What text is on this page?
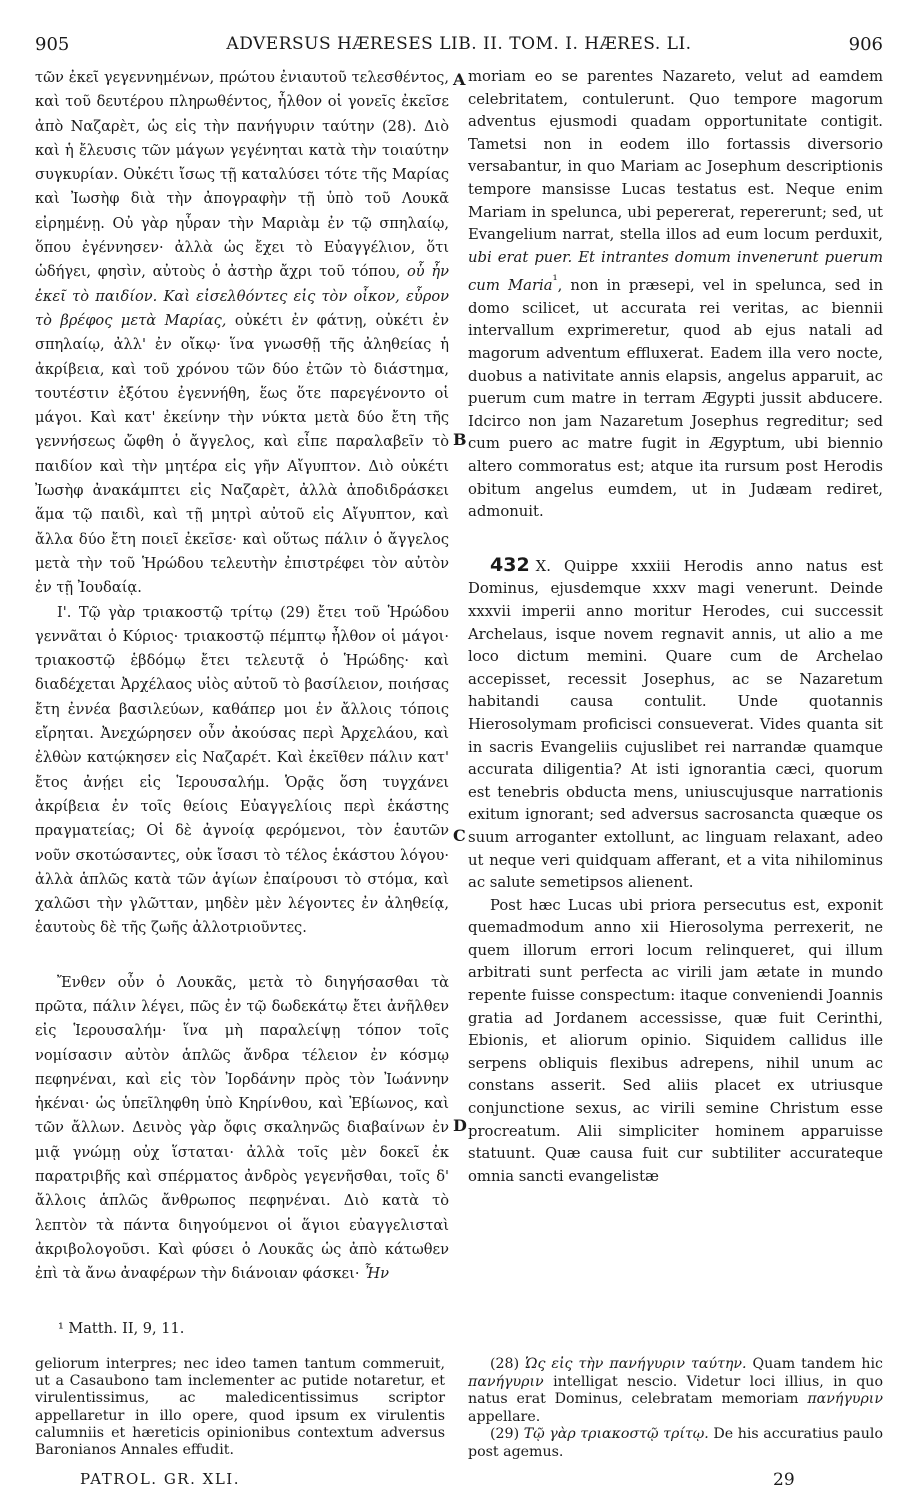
905	ADVERSUS HÆRESES LIB. II. TOM. I. HÆRES. LI.	906
A
B
C
D

τῶν ἐκεῖ γεγεννημένων, πρώτου ἐνιαυτοῦ τελεσθέντος, καὶ τοῦ δευτέρου πληρωθέντος, ἦλθον οἱ γονεῖς ἐκεῖσε ἀπὸ Ναζαρὲτ, ὡς εἰς τὴν πανήγυριν ταύτην (28). Διὸ καὶ ἡ ἔλευσις τῶν μάγων γεγένηται κατὰ τὴν τοιαύτην συγκυρίαν. Οὐκέτι ἴσως τῇ καταλύσει τότε τῆς Μαρίας καὶ Ἰωσὴφ διὰ τὴν ἀπογραφὴν τῇ ὑπὸ τοῦ Λουκᾶ εἰρημένῃ. Οὐ γὰρ ηὗραν τὴν Μαριὰμ ἐν τῷ σπηλαίῳ, ὅπου ἐγέννησεν· ἀλλὰ ὡς ἔχει τὸ Εὐαγγέλιον, ὅτι ὡδήγει, φησὶν, αὐτοὺς ὁ ἀστὴρ ἄχρι τοῦ τόπου, οὗ ἦν ἐκεῖ τὸ παιδίον. Καὶ εἰσελθόντες εἰς τὸν οἶκον, εὗρον τὸ βρέφος μετὰ Μαρίας, οὐκέτι ἐν φάτνῃ, οὐκέτι ἐν σπηλαίῳ, ἀλλ' ἐν οἴκῳ· ἵνα γνωσθῇ τῆς ἀληθείας ἡ ἀκρίβεια, καὶ τοῦ χρόνου τῶν δύο ἐτῶν τὸ διάστημα, τουτέστιν ἐξότου ἐγεννήθη, ἕως ὅτε παρεγένοντο οἱ μάγοι. Καὶ κατ' ἐκείνην τὴν νύκτα μετὰ δύο ἔτη τῆς γεννήσεως ὤφθη ὁ ἄγγελος, καὶ εἶπε παραλαβεῖν τὸ παιδίον καὶ τὴν μητέρα εἰς γῆν Αἴγυπτον. Διὸ οὐκέτι Ἰωσὴφ ἀνακάμπτει εἰς Ναζαρὲτ, ἀλλὰ ἀποδιδράσκει ἅμα τῷ παιδὶ, καὶ τῇ μητρὶ αὐτοῦ εἰς Αἴγυπτον, καὶ ἄλλα δύο ἔτη ποιεῖ ἐκεῖσε· καὶ οὕτως πάλιν ὁ ἄγγελος μετὰ τὴν τοῦ Ἡρώδου τελευτὴν ἐπιστρέφει τὸν αὐτὸν ἐν τῇ Ἰουδαίᾳ.

Ι'. Τῷ γὰρ τριακοστῷ τρίτῳ (29) ἔτει τοῦ Ἡρώδου γεννᾶται ὁ Κύριος· τριακοστῷ πέμπτῳ ἦλθον οἱ μάγοι· τριακοστῷ ἑβδόμῳ ἔτει τελευτᾷ ὁ Ἡρώδης· καὶ διαδέχεται Ἀρχέλαος υἱὸς αὐτοῦ τὸ βασίλειον, ποιήσας ἔτη ἐννέα βασιλεύων, καθάπερ μοι ἐν ἄλλοις τόποις εἴρηται. Ἀνεχώρησεν οὖν ἀκούσας περὶ Ἀρχελάου, καὶ ἐλθὼν κατῴκησεν εἰς Ναζαρέτ. Καὶ ἐκεῖθεν πάλιν κατ' ἔτος ἀνῄει εἰς Ἱερουσαλήμ. Ὁρᾷς ὅση τυγχάνει ἀκρίβεια ἐν τοῖς θείοις Εὐαγγελίοις περὶ ἑκάστης πραγματείας; Οἱ δὲ ἀγνοίᾳ φερόμενοι, τὸν ἑαυτῶν νοῦν σκοτώσαντες, οὐκ ἴσασι τὸ τέλος ἑκάστου λόγου· ἀλλὰ ἁπλῶς κατὰ τῶν ἁγίων ἐπαίρουσι τὸ στόμα, καὶ χαλῶσι τὴν γλῶτταν, μηδὲν μὲν λέγοντες ἐν ἀληθείᾳ, ἑαυτοὺς δὲ τῆς ζωῆς ἀλλοτριοῦντες.

Ἔνθεν οὖν ὁ Λουκᾶς, μετὰ τὸ διηγήσασθαι τὰ πρῶτα, πάλιν λέγει, πῶς ἐν τῷ δωδεκάτῳ ἔτει ἀνῆλθεν εἰς Ἱερουσαλήμ· ἵνα μὴ παραλείψῃ τόπον τοῖς νομίσασιν αὐτὸν ἁπλῶς ἄνδρα τέλειον ἐν κόσμῳ πεφηνέναι, καὶ εἰς τὸν Ἰορδάνην πρὸς τὸν Ἰωάννην ἡκέναι· ὡς ὑπεῖληφθη ὑπὸ Κηρίνθου, καὶ Ἐβίωνος, καὶ τῶν ἄλλων. Δεινὸς γὰρ ὄφις σκαληνῶς διαβαίνων ἐν μιᾷ γνώμῃ οὐχ ἵσταται· ἀλλὰ τοῖς μὲν δοκεῖ ἐκ παρατριβῆς καὶ σπέρματος ἀνδρὸς γεγενῆσθαι, τοῖς δ' ἄλλοις ἁπλῶς ἄνθρωπος πεφηνέναι. Διὸ κατὰ τὸ λεπτὸν τὰ πάντα διηγούμενοι οἱ ἅγιοι εὐαγγελισταὶ ἀκριβολογοῦσι. Καὶ φύσει ὁ Λουκᾶς ὡς ἀπὸ κάτωθεν ἐπὶ τὰ ἄνω ἀναφέρων τὴν διάνοιαν φάσκει· Ἦν

moriam eo se parentes Nazareto, velut ad eamdem celebritatem, contulerunt. Quo tempore magorum adventus ejusmodi quadam opportunitate contigit. Tametsi non in eodem illo fortassis diversorio versabantur, in quo Mariam ac Josephum descriptionis tempore mansisse Lucas testatus est. Neque enim Mariam in spelunca, ubi pepererat, repererunt; sed, ut Evangelium narrat, stella illos ad eum locum perduxit, ubi erat puer. Et intrantes domum invenerunt puerum cum Maria$^{^1}$, non in præsepi, vel in spelunca, sed in domo scilicet, ut accurata rei veritas, ac biennii intervallum exprimeretur, quod ab ejus natali ad magorum adventum effluxerat. Eadem illa vero nocte, duobus a nativitate annis elapsis, angelus apparuit, ac puerum cum matre in terram Ægypti jussit abducere. Idcirco non jam Nazaretum Josephus regreditur; sed cum puero ac matre fugit in Ægyptum, ubi biennio altero commoratus est; atque ita rursum post Herodis obitum angelus eumdem, ut in Judæam rediret, admonuit.

432 X. Quippe xxxiii Herodis anno natus est Dominus, ejusdemque xxxv magi venerunt. Deinde xxxvii imperii anno moritur Herodes, cui successit Archelaus, isque novem regnavit annis, ut alio a me loco dictum memini. Quare cum de Archelao accepisset, recessit Josephus, ac se Nazaretum habitandi causa contulit. Unde quotannis Hierosolymam proficisci consueverat. Vides quanta sit in sacris Evangeliis cujuslibet rei narrandæ quamque accurata diligentia? At isti ignorantia cæci, quorum est tenebris obducta mens, uniuscujusque narrationis exitum ignorant; sed adversus sacrosancta quæque os suum arroganter extollunt, ac linguam relaxant, adeo ut neque veri quidquam afferant, et a vita nihilominus ac salute semetipsos alienent.

Post hæc Lucas ubi priora persecutus est, exponit quemadmodum anno xii Hierosolyma perrexerit, ne quem illorum errori locum relinqueret, qui illum arbitrati sunt perfecta ac virili jam ætate in mundo repente fuisse conspectum: itaque conveniendi Joannis gratia ad Jordanem accessisse, quæ fuit Cerinthi, Ebionis, et aliorum opinio. Siquidem callidus ille serpens obliquis flexibus adrepens, nihil unum ac constans asserit. Sed aliis placet ex utriusque conjunctione sexus, ac virili semine Christum esse procreatum. Alii simpliciter hominem apparuisse statuunt. Quæ causa fuit cur subtiliter accurateque omnia sancti evangelistæ

¹ Matth. II, 9, 11.
geliorum interpres; nec ideo tamen tantum commeruit, ut a Casaubono tam inclementer ac putide notaretur, et virulentissimus, ac maledicentissimus scriptor appellaretur in illo opere, quod ipsum ex virulentis calumniis et hæreticis opinionibus contextum adversus Baronianos Annales effudit.

(28) Ὡς εἰς τὴν πανήγυριν ταύτην. Quam tandem hic πανήγυριν intelligat nescio. Videtur loci illius, in quo natus erat Dominus, celebratam memoriam πανήγυριν appellare.

(29) Τῷ γὰρ τριακοστῷ τρίτῳ. De his accuratius paulo post agemus.

PATROL. GR. XLI.	29
